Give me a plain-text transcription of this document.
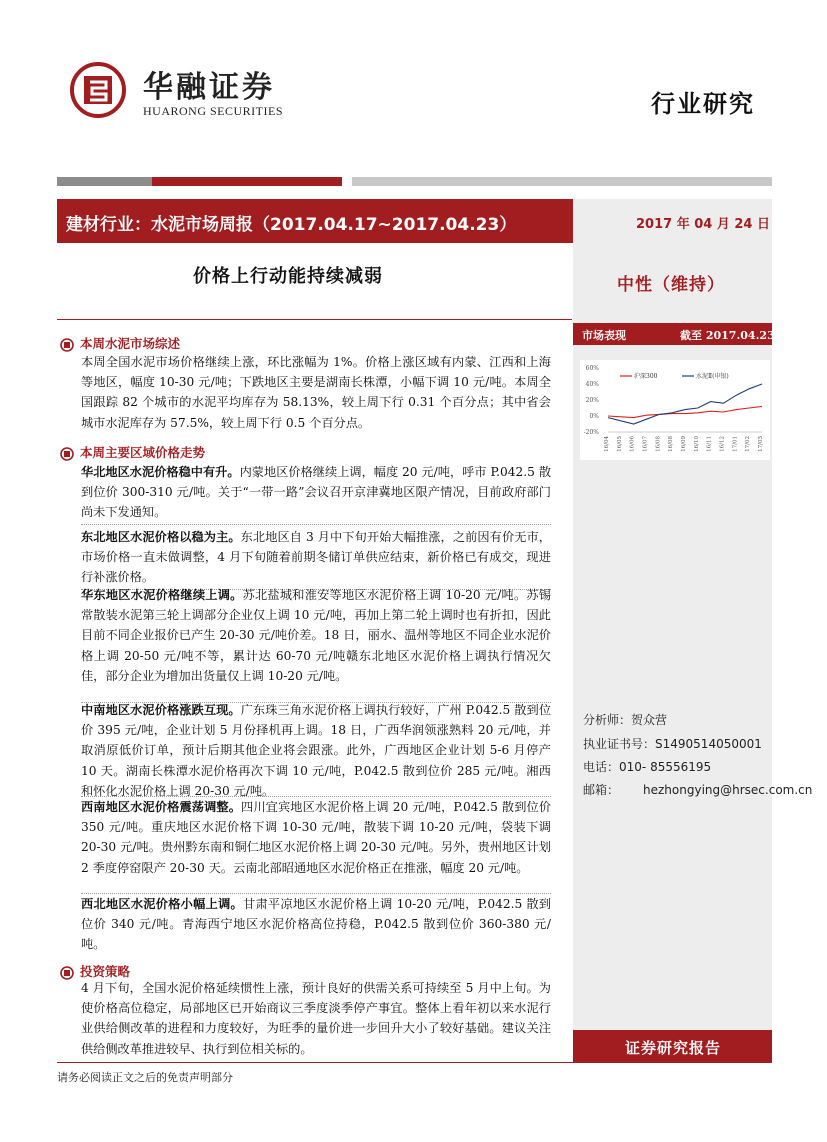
华融证券
HUARONG SECURITIES	行业研究
建材行业：水泥市场周报（2017.04.17~2017.04.23）	2017 年 04 月 24 日
价格上行动能持续减弱	中性（维持）
市场表现	截至 2017.04.23
60%
40%
20%
0%
-20%
16/04 16/05 16/06 16/07 16/08 16/08 16/09 16/10 16/11 16/12 17/01 17/02 17/03
沪深300	水泥Ⅱ(申银)
分析师：贺众营
执业证书号：S1490514050001
电话：010- 85556195
邮箱： hezhongying@hrsec.com.cn
证券研究报告
本周水泥市场综述
本周全国水泥市场价格继续上涨，环比涨幅为 1%。价格上涨区域有内蒙、江西和上海等地区，幅度 10-30 元/吨；下跌地区主要是湖南长株潭，小幅下调 10 元/吨。本周全国跟踪 82 个城市的水泥平均库存为 58.13%，较上周下行 0.31 个百分点；其中省会城市水泥库存为 57.5%，较上周下行 0.5 个百分点。
本周主要区域价格走势
华北地区水泥价格稳中有升。内蒙地区价格继续上调，幅度 20 元/吨，呼市 P.042.5 散到位价 300-310 元/吨。关于“一带一路”会议召开京津冀地区限产情况，目前政府部门尚未下发通知。
东北地区水泥价格以稳为主。东北地区自 3 月中下旬开始大幅推涨，之前因有价无市，市场价格一直未做调整，4 月下旬随着前期冬储订单供应结束，新价格已有成交，现进行补涨价格。
华东地区水泥价格继续上调。苏北盐城和淮安等地区水泥价格上调 10-20 元/吨。苏锡常散装水泥第三轮上调部分企业仅上调 10 元/吨，再加上第二轮上调时也有折扣，因此目前不同企业报价已产生 20-30 元/吨价差。18 日，丽水、温州等地区不同企业水泥价格上调 20-50 元/吨不等，累计达 60-70 元/吨赣东北地区水泥价格上调执行情况欠佳，部分企业为增加出货量仅上调 10-20 元/吨。
中南地区水泥价格涨跌互现。广东珠三角水泥价格上调执行较好，广州 P.042.5 散到位价 395 元/吨，企业计划 5 月份择机再上调。18 日，广西华润领涨熟料 20 元/吨，并取消原低价订单，预计后期其他企业将会跟涨。此外，广西地区企业计划 5-6 月停产 10 天。湖南长株潭水泥价格再次下调 10 元/吨，P.042.5 散到位价 285 元/吨。湘西和怀化水泥价格上调 20-30 元/吨。
西南地区水泥价格震荡调整。四川宜宾地区水泥价格上调 20 元/吨，P.042.5 散到位价 350 元/吨。重庆地区水泥价格下调 10-30 元/吨，散装下调 10-20 元/吨，袋装下调 20-30 元/吨。贵州黔东南和铜仁地区水泥价格上调 20-30 元/吨。另外，贵州地区计划 2 季度停窑限产 20-30 天。云南北部昭通地区水泥价格正在推涨，幅度 20 元/吨。
西北地区水泥价格小幅上调。甘肃平凉地区水泥价格上调 10-20 元/吨，P.042.5 散到位价 340 元/吨。青海西宁地区水泥价格高位持稳，P.042.5 散到位价 360-380 元/吨。
投资策略
4 月下旬，全国水泥价格延续惯性上涨，预计良好的供需关系可持续至 5 月中上旬。为使价格高位稳定，局部地区已开始商议三季度淡季停产事宜。整体上看年初以来水泥行业供给侧改革的进程和力度较好，为旺季的量价进一步回升大小了较好基础。建议关注供给侧改革推进较早、执行到位相关标的。
请务必阅读正文之后的免责声明部分
